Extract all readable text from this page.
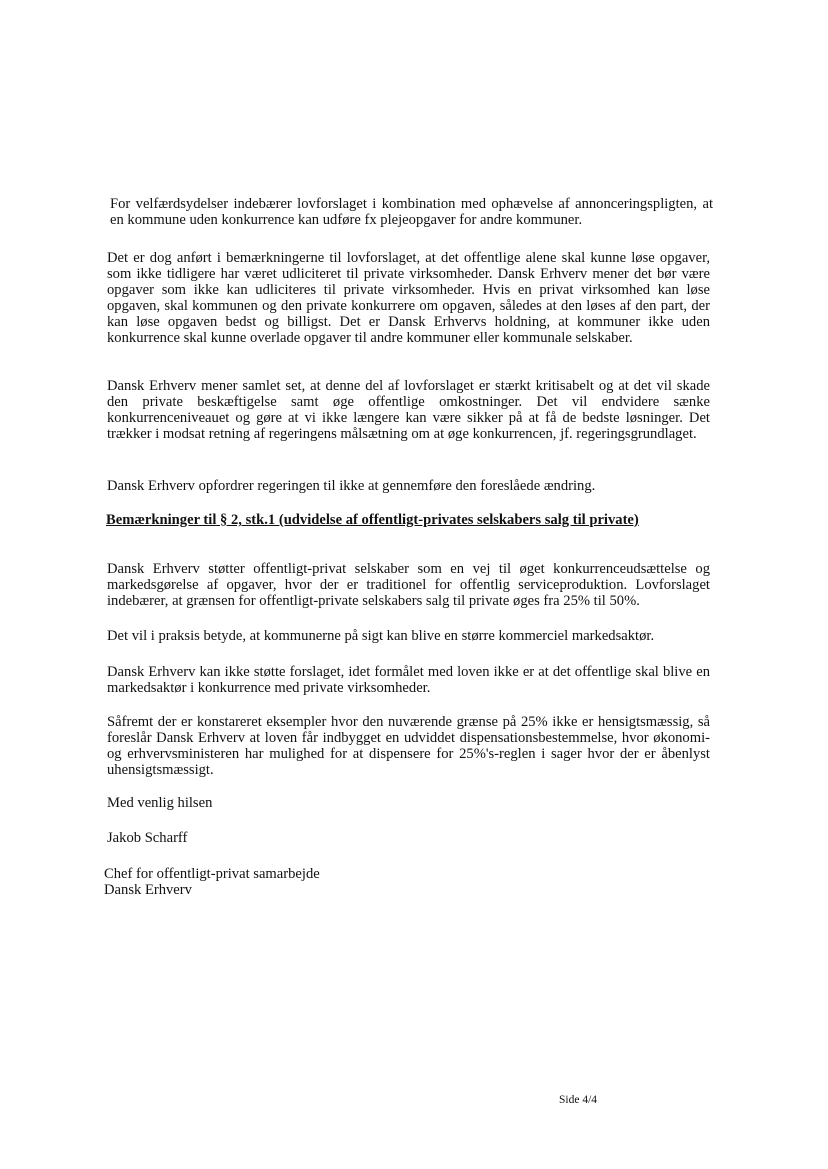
For velfærdsydelser indebærer lovforslaget i kombination med ophævelse af annonceringspligten, at en kommune uden konkurrence kan udføre fx plejeopgaver for andre kommuner.
Det er dog anført i bemærkningerne til lovforslaget, at det offentlige alene skal kunne løse opgaver, som ikke tidligere har været udliciteret til private virksomheder. Dansk Erhverv mener det bør være opgaver som ikke kan udliciteres til private virksomheder. Hvis en privat virksomhed kan løse opgaven, skal kommunen og den private konkurrere om opgaven, således at den løses af den part, der kan løse opgaven bedst og billigst. Det er Dansk Erhvervs holdning, at kommuner ikke uden konkurrence skal kunne overlade opgaver til andre kommuner eller kommunale selskaber.
Dansk Erhverv mener samlet set, at denne del af lovforslaget er stærkt kritisabelt og at det vil skade den private beskæftigelse samt øge offentlige omkostninger. Det vil endvidere sænke konkurrenceniveauet og gøre at vi ikke længere kan være sikker på at få de bedste løsninger. Det trækker i modsat retning af regeringens målsætning om at øge konkurrencen, jf. regeringsgrundlaget.
Dansk Erhverv opfordrer regeringen til ikke at gennemføre den foreslåede ændring.
Bemærkninger til § 2, stk.1 (udvidelse af offentligt-privates selskabers salg til private)
Dansk Erhverv støtter offentligt-privat selskaber som en vej til øget konkurrenceudsættelse og markedsgørelse af opgaver, hvor der er traditionel for offentlig serviceproduktion. Lovforslaget indebærer, at grænsen for offentligt-private selskabers salg til private øges fra 25% til 50%.
Det vil i praksis betyde, at kommunerne på sigt kan blive en større kommerciel markedsaktør.
Dansk Erhverv kan ikke støtte forslaget, idet formålet med loven ikke er at det offentlige skal blive en markedsaktør i konkurrence med private virksomheder.
Såfremt der er konstareret eksempler hvor den nuværende grænse på 25% ikke er hensigtsmæssig, så foreslår Dansk Erhverv at loven får indbygget en udviddet dispensationsbestemmelse, hvor økonomi- og erhvervsministeren har mulighed for at dispensere for 25%'s-reglen i sager hvor der er åbenlyst uhensigtsmæssigt.
Med venlig hilsen
Jakob Scharff
Chef for offentligt-privat samarbejde
Dansk Erhverv
Side 4/4
